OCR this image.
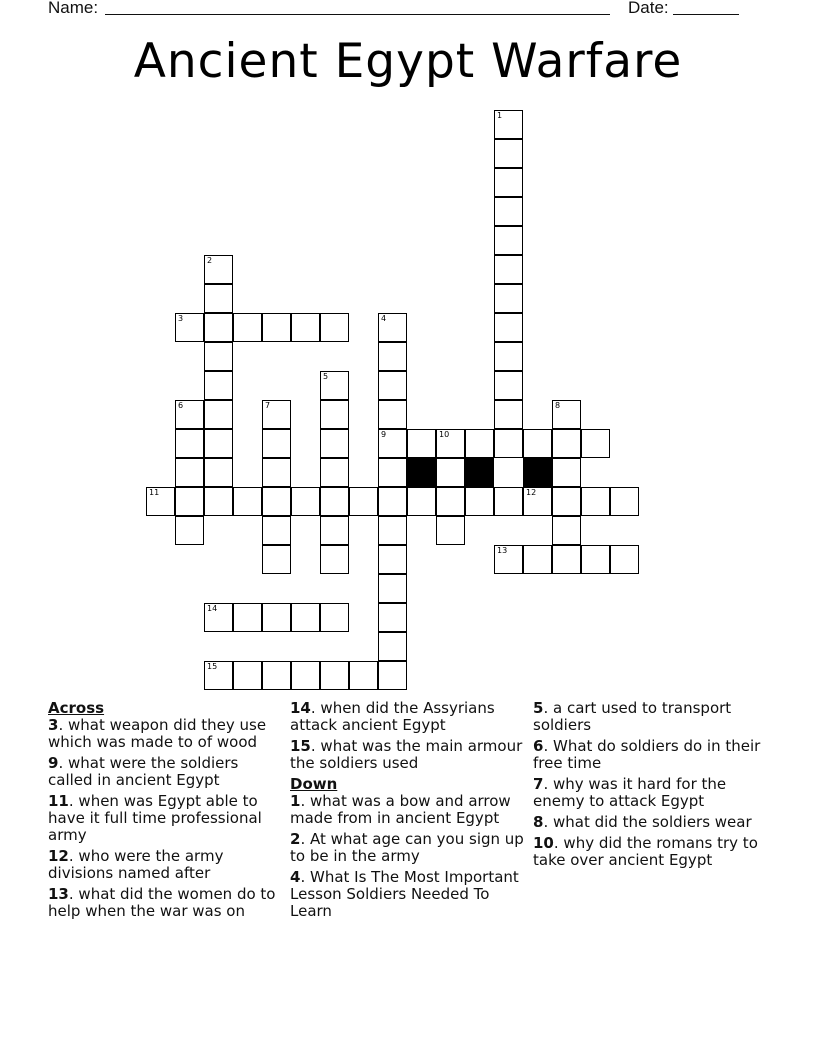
Name:	Date:
Ancient Egypt Warfare
1
2
3	4
9
5
6	7	8
10
11	12
13
14
15

Across

3. what weapon did they use which was made to of wood

9. what were the soldiers called in ancient Egypt

11. when was Egypt able to have it full time professional army

12. who were the army divisions named after

13. what did the women do to help when the war was on

14. when did the Assyrians attack ancient Egypt

15. what was the main armour the soldiers used

Down

1. what was a bow and arrow made from in ancient Egypt

2. At what age can you sign up to be in the army

4. What Is The Most Important Lesson Soldiers Needed To Learn

5. a cart used to transport soldiers

6. What do soldiers do in their free time

7. why was it hard for the enemy to attack Egypt

8. what did the soldiers wear

10. why did the romans try to take over ancient Egypt
